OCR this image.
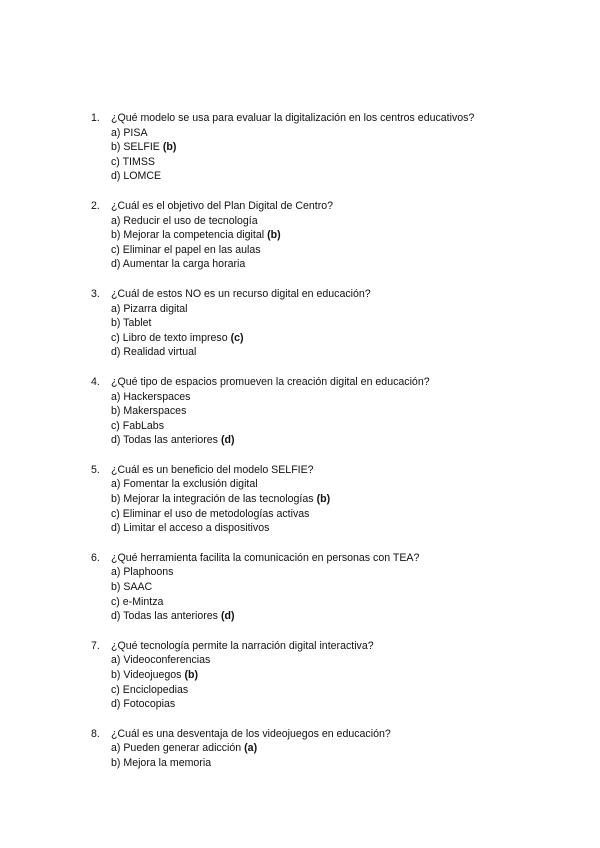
1.	¿Qué modelo se usa para evaluar la digitalización en los centros educativos?
a) PISA
b) SELFIE (b)
c) TIMSS
d) LOMCE
2.	¿Cuál es el objetivo del Plan Digital de Centro?
a) Reducir el uso de tecnología
b) Mejorar la competencia digital (b)
c) Eliminar el papel en las aulas
d) Aumentar la carga horaria
3.	¿Cuál de estos NO es un recurso digital en educación?
a) Pizarra digital
b) Tablet
c) Libro de texto impreso (c)
d) Realidad virtual
4.	¿Qué tipo de espacios promueven la creación digital en educación?
a) Hackerspaces
b) Makerspaces
c) FabLabs
d) Todas las anteriores (d)
5.	¿Cuál es un beneficio del modelo SELFIE?
a) Fomentar la exclusión digital
b) Mejorar la integración de las tecnologías (b)
c) Eliminar el uso de metodologías activas
d) Limitar el acceso a dispositivos
6.	¿Qué herramienta facilita la comunicación en personas con TEA?
a) Plaphoons
b) SAAC
c) e-Mintza
d) Todas las anteriores (d)
7.	¿Qué tecnología permite la narración digital interactiva?
a) Videoconferencias
b) Videojuegos (b)
c) Enciclopedias
d) Fotocopias
8.	¿Cuál es una desventaja de los videojuegos en educación?
a) Pueden generar adicción (a)
b) Mejora la memoria
